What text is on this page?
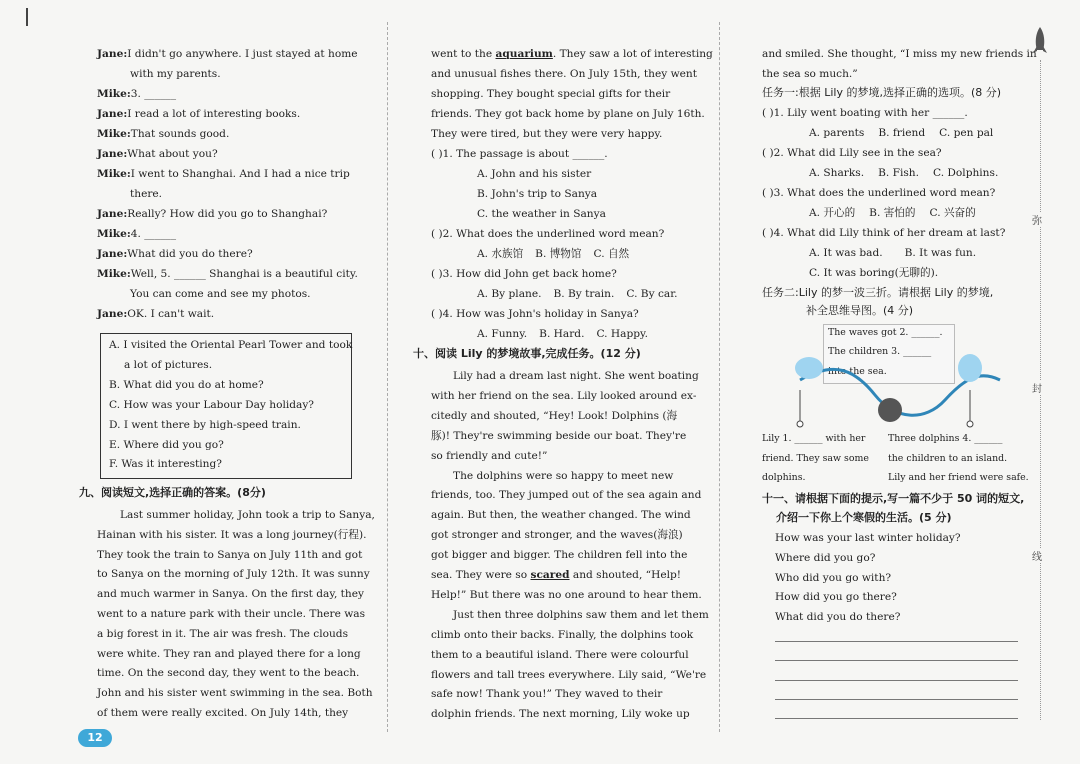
九、阅读短文,选择正确的答案。(8分)
12
十、阅读 Lily 的梦境故事,完成任务。(12 分)
任务一:根据 Lily 的梦境,选择正确的选项。(8 分)
任务二:Lily 的梦一波三折。请根据 Lily 的梦境,
补全思维导图。(4 分)
The waves got 2. ______.
The children 3. ______
into the sea.
Lily 1. ______ with her
friend. They saw some
dolphins.
Three dolphins 4. ______
the children to an island.
Lily and her friend were safe.
十一、请根据下面的提示,写一篇不少于 50 词的短文,
介绍一下你上个寒假的生活。(5 分)
弥
封
线
Jane:I didn't go anywhere. I just stayed at home
with my parents.
Mike:3. ______
Jane:I read a lot of interesting books.
Mike:That sounds good.
Jane:What about you?
Mike:I went to Shanghai. And I had a nice trip
there.
Jane:Really? How did you go to Shanghai?
Mike:4. ______
Jane:What did you do there?
Mike:Well, 5. ______ Shanghai is a beautiful city.
You can come and see my photos.
Jane:OK. I can't wait.
A. I visited the Oriental Pearl Tower and took
a lot of pictures.
B. What did you do at home?
C. How was your Labour Day holiday?
D. I went there by high-speed train.
E. Where did you go?
F. Was it interesting?
Last summer holiday, John took a trip to Sanya,
Hainan with his sister. It was a long journey(行程).
They took the train to Sanya on July 11th and got
to Sanya on the morning of July 12th. It was sunny
and much warmer in Sanya. On the first day, they
went to a nature park with their uncle. There was
a big forest in it. The air was fresh. The clouds
were white. They ran and played there for a long
time. On the second day, they went to the beach.
John and his sister went swimming in the sea. Both
of them were really excited. On July 14th, they
went to the aquarium. They saw a lot of interesting
and unusual fishes there. On July 15th, they went
shopping. They bought special gifts for their
friends. They got back home by plane on July 16th.
They were tired, but they were very happy.
( )1. The passage is about ______.
A. John and his sister
B. John's trip to Sanya
C. the weather in Sanya
( )2. What does the underlined word mean?
A. 水族馆 B. 博物馆 C. 自然
( )3. How did John get back home?
A. By plane. B. By train. C. By car.
( )4. How was John's holiday in Sanya?
A. Funny. B. Hard. C. Happy.
Lily had a dream last night. She went boating
with her friend on the sea. Lily looked around ex-
citedly and shouted, “Hey! Look! Dolphins (海
豚)! They're swimming beside our boat. They're
so friendly and cute!”
The dolphins were so happy to meet new
friends, too. They jumped out of the sea again and
again. But then, the weather changed. The wind
got stronger and stronger, and the waves(海浪)
got bigger and bigger. The children fell into the
sea. They were so scared and shouted, “Help!
Help!” But there was no one around to hear them.
Just then three dolphins saw them and let them
climb onto their backs. Finally, the dolphins took
them to a beautiful island. There were colourful
flowers and tall trees everywhere. Lily said, “We're
safe now! Thank you!” They waved to their
dolphin friends. The next morning, Lily woke up
and smiled. She thought, “I miss my new friends in
the sea so much.”
( )1. Lily went boating with her ______.
A. parents B. friend C. pen pal
( )2. What did Lily see in the sea?
A. Sharks. B. Fish. C. Dolphins.
( )3. What does the underlined word mean?
A. 开心的 B. 害怕的 C. 兴奋的
( )4. What did Lily think of her dream at last?
A. It was bad. B. It was fun.
C. It was boring(无聊的).
How was your last winter holiday?
Where did you go?
Who did you go with?
How did you go there?
What did you do there?
